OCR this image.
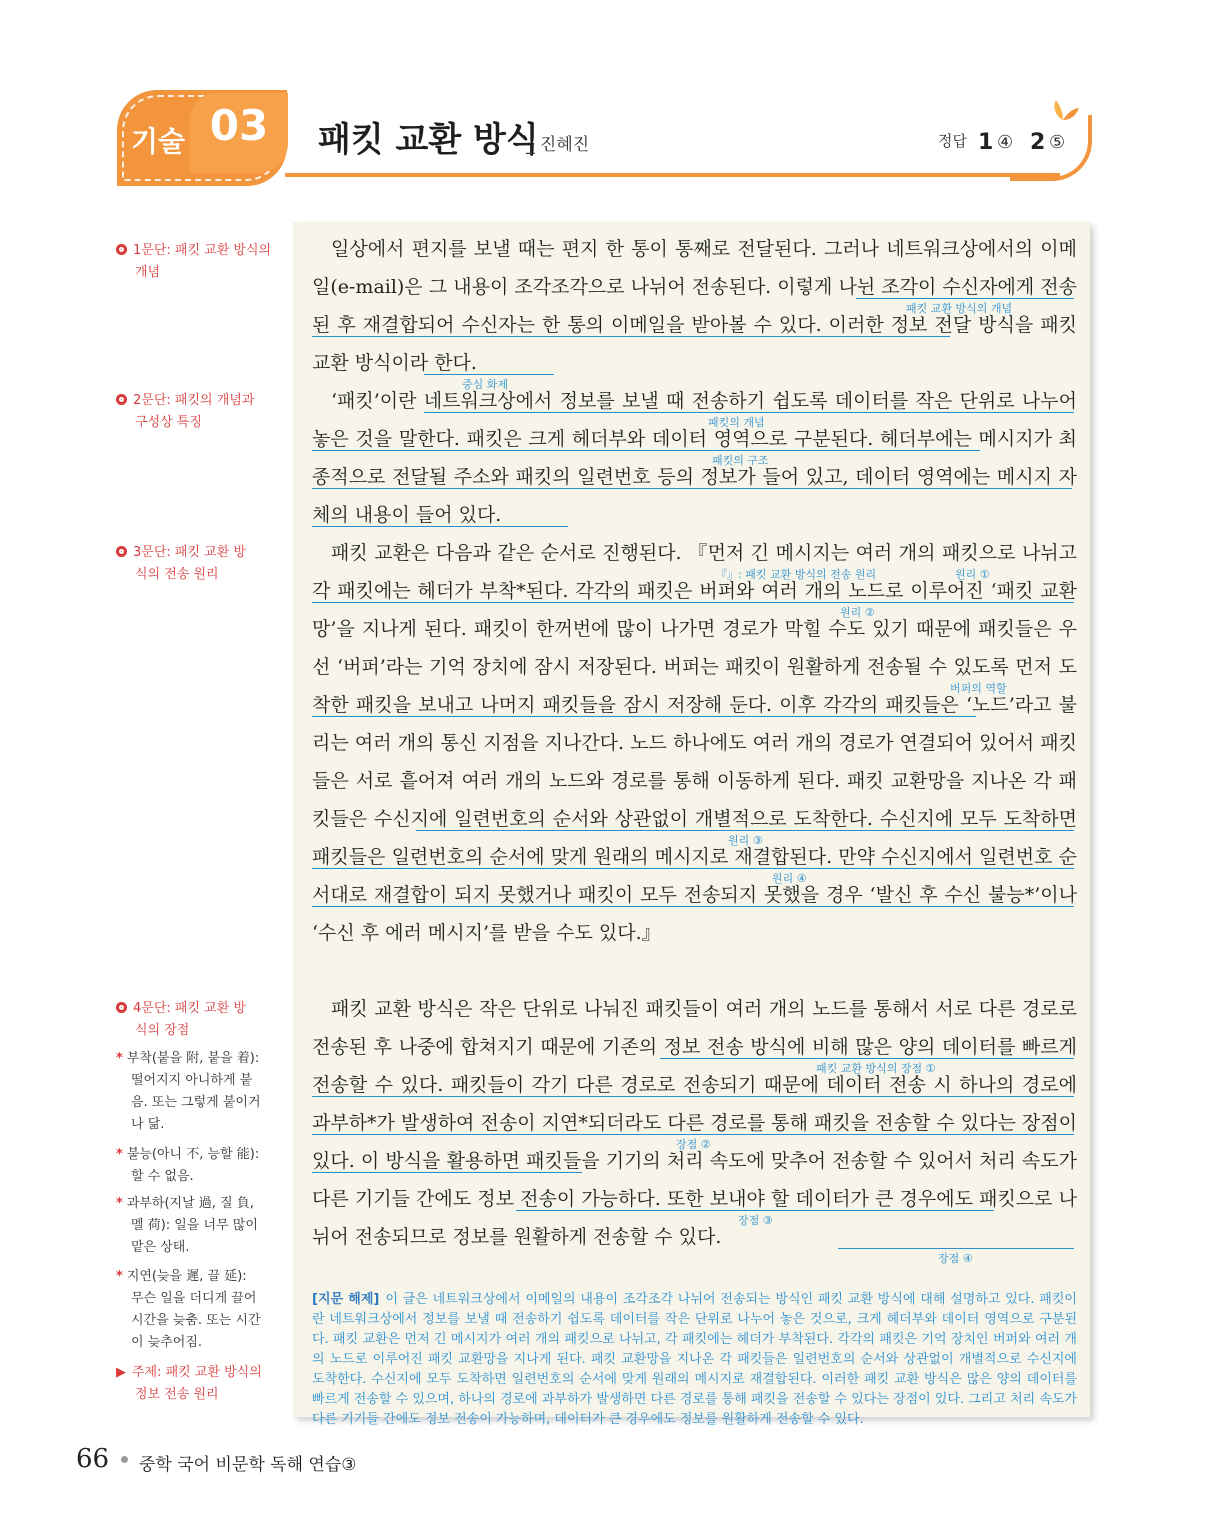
기술 03	패킷 교환 방식
_ 진혜진	정답 1 ④ 2 ⑤
1문단: 패킷 교환 방식의
개념
2문단: 패킷의 개념과
구성상 특징
3문단: 패킷 교환 방
식의 전송 원리
4문단: 패킷 교환 방
식의 장점
* 부착(붙을 附, 붙을 着):
떨어지지 아니하게 붙
음. 또는 그렇게 붙이거
나 닮.
* 불능(아니 不, 능할 能):
할 수 없음.
* 과부하(지날 過, 질 負,
멜 荷): 일을 너무 많이
맡은 상태.
* 지연(늦을 遲, 끌 延):
무슨 일을 더디게 끌어
시간을 늦춤. 또는 시간
이 늦추어짐.
▶ 주제: 패킷 교환 방식의
정보 전송 원리

일상에서 편지를 보낼 때는 편지 한 통이 통째로 전달된다. 그러나 네트워크상에서의 이메일(e-mail)은 그 내용이 조각조각으로 나뉘어 전송된다. 이렇게 나뉜 조각이 수신자에게 전송된 후 재결합되어 수신자는 한 통의 이메일을 받아볼 수 있다. 이러한 정보 전달 방식을 패킷 교환 방식이라 한다.

‘패킷’이란 네트워크상에서 정보를 보낼 때 전송하기 쉽도록 데이터를 작은 단위로 나누어 놓은 것을 말한다. 패킷은 크게 헤더부와 데이터 영역으로 구분된다. 헤더부에는 메시지가 최종적으로 전달될 주소와 패킷의 일련번호 등의 정보가 들어 있고, 데이터 영역에는 메시지 자체의 내용이 들어 있다.

패킷 교환은 다음과 같은 순서로 진행된다. 『먼저 긴 메시지는 여러 개의 패킷으로 나뉘고 각 패킷에는 헤더가 부착*된다. 각각의 패킷은 버퍼와 여러 개의 노드로 이루어진 ‘패킷 교환망’을 지나게 된다. 패킷이 한꺼번에 많이 나가면 경로가 막힐 수도 있기 때문에 패킷들은 우선 ‘버퍼’라는 기억 장치에 잠시 저장된다. 버퍼는 패킷이 원활하게 전송될 수 있도록 먼저 도착한 패킷을 보내고 나머지 패킷들을 잠시 저장해 둔다. 이후 각각의 패킷들은 ‘노드’라고 불리는 여러 개의 통신 지점을 지나간다. 노드 하나에도 여러 개의 경로가 연결되어 있어서 패킷들은 서로 흩어져 여러 개의 노드와 경로를 통해 이동하게 된다. 패킷 교환망을 지나온 각 패킷들은 수신지에 일련번호의 순서와 상관없이 개별적으로 도착한다. 수신지에 모두 도착하면 패킷들은 일련번호의 순서에 맞게 원래의 메시지로 재결합된다. 만약 수신지에서 일련번호 순서대로 재결합이 되지 못했거나 패킷이 모두 전송되지 못했을 경우 ‘발신 후 수신 불능*’이나 ‘수신 후 에러 메시지’를 받을 수도 있다.』

패킷 교환 방식은 작은 단위로 나눠진 패킷들이 여러 개의 노드를 통해서 서로 다른 경로로 전송된 후 나중에 합쳐지기 때문에 기존의 정보 전송 방식에 비해 많은 양의 데이터를 빠르게 전송할 수 있다. 패킷들이 각기 다른 경로로 전송되기 때문에 데이터 전송 시 하나의 경로에 과부하*가 발생하여 전송이 지연*되더라도 다른 경로를 통해 패킷을 전송할 수 있다는 장점이 있다. 이 방식을 활용하면 패킷들을 기기의 처리 속도에 맞추어 전송할 수 있어서 처리 속도가 다른 기기들 간에도 정보 전송이 가능하다. 또한 보내야 할 데이터가 큰 경우에도 패킷으로 나뉘어 전송되므로 정보를 원활하게 전송할 수 있다.

패킷 교환 방식의 개념
중심 화제
패킷의 개념
패킷의 구조
『』: 패킷 교환 방식의 전송 원리	원리 ①
원리 ②
버퍼의 역할
원리 ③
원리 ④
패킷 교환 방식의 장점 ①
장점 ②
장점 ③
장점 ④
[지문 해제] 이 글은 네트워크상에서 이메일의 내용이 조각조각 나뉘어 전송되는 방식인 패킷 교환 방식에 대해 설명하고 있다. 패킷이란 네트워크상에서 정보를 보낼 때 전송하기 쉽도록 데이터를 작은 단위로 나누어 놓은 것으로, 크게 헤더부와 데이터 영역으로 구분된다. 패킷 교환은 먼저 긴 메시지가 여러 개의 패킷으로 나뉘고, 각 패킷에는 헤더가 부착된다. 각각의 패킷은 기억 장치인 버퍼와 여러 개의 노드로 이루어진 패킷 교환망을 지나게 된다. 패킷 교환망을 지나온 각 패킷들은 일련번호의 순서와 상관없이 개별적으로 수신지에 도착한다. 수신지에 모두 도착하면 일련번호의 순서에 맞게 원래의 메시지로 재결합된다. 이러한 패킷 교환 방식은 많은 양의 데이터를 빠르게 전송할 수 있으며, 하나의 경로에 과부하가 발생하면 다른 경로를 통해 패킷을 전송할 수 있다는 장점이 있다. 그리고 처리 속도가 다른 기기들 간에도 정보 전송이 가능하며, 데이터가 큰 경우에도 정보를 원활하게 전송할 수 있다.
66 중학 국어 비문학 독해 연습③
